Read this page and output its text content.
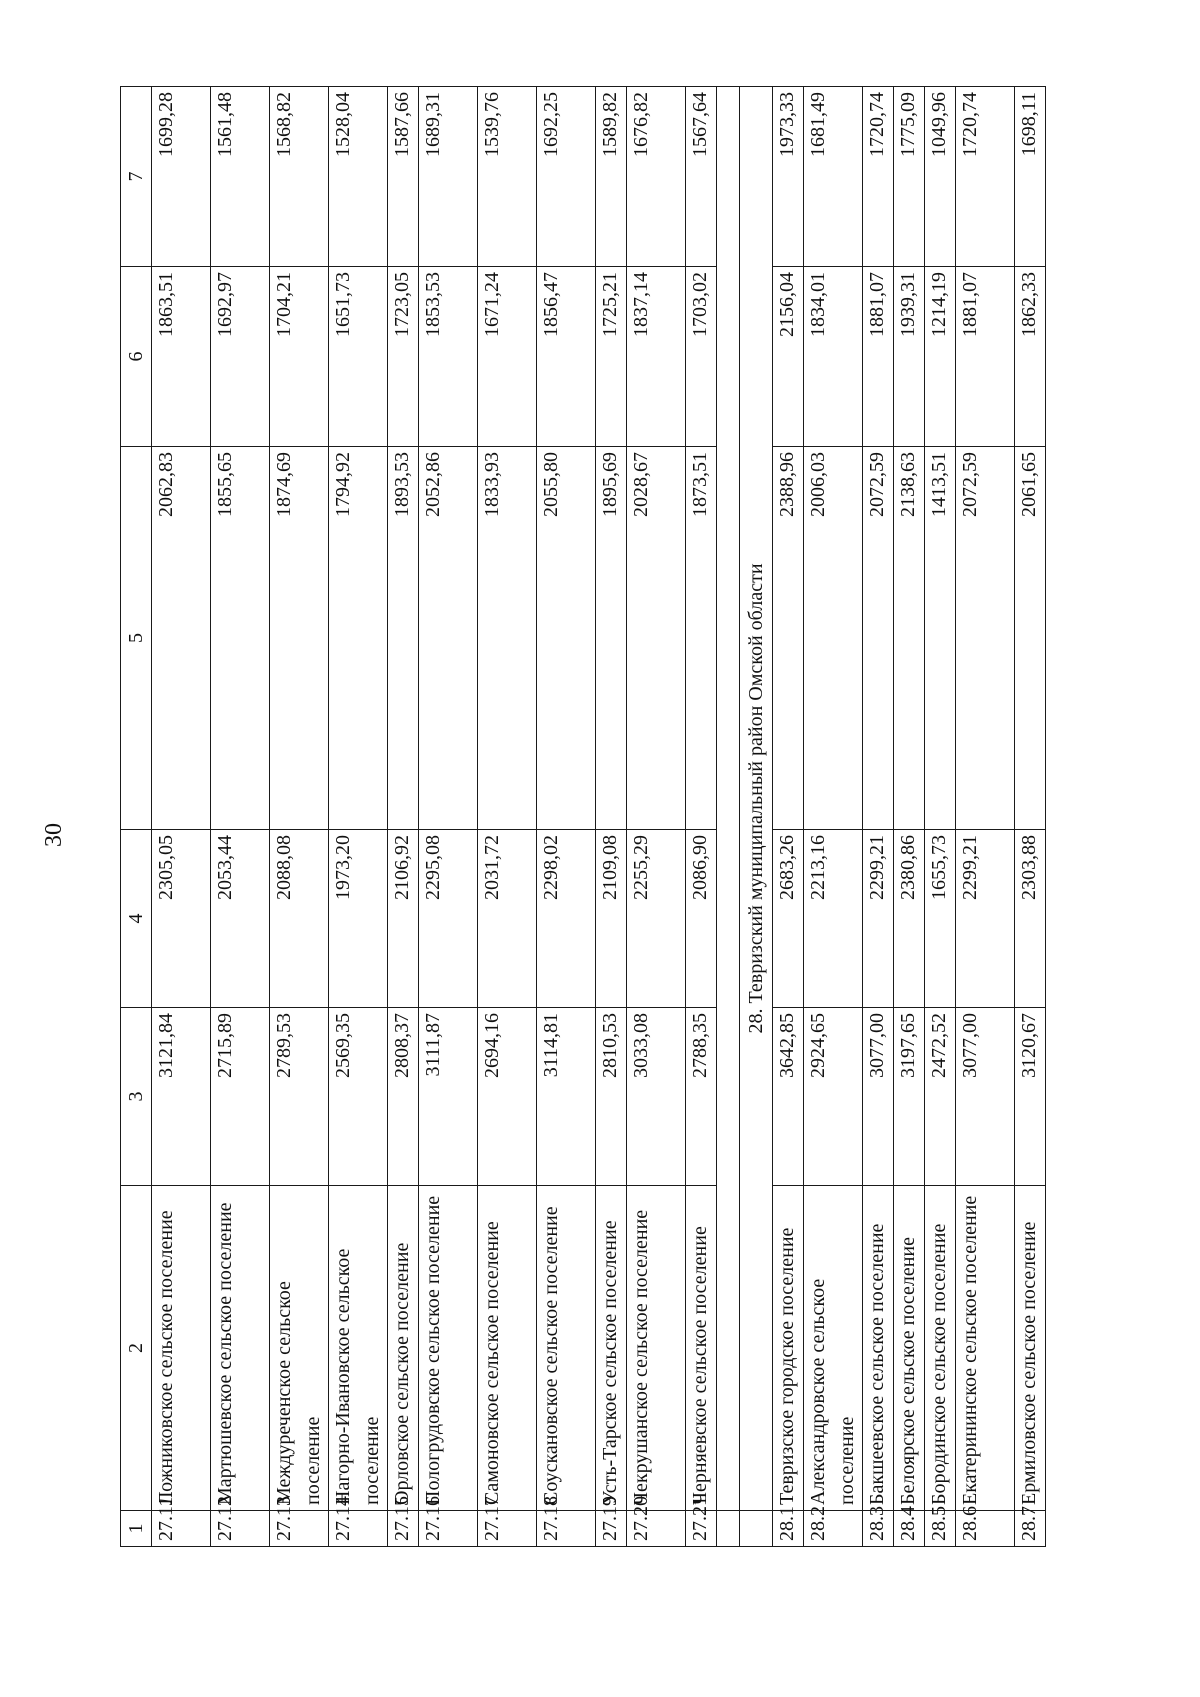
30
1	2	3	4	5	6	7
27.11	Ложниковское сельское поселение	3121,84	2305,05	2062,83	1863,51	1699,28
27.12	Мартюшевское сельское поселение	2715,89	2053,44	1855,65	1692,97	1561,48
27.13	Междуреченское сельское поселение	2789,53	2088,08	1874,69	1704,21	1568,82
27.14	Нагорно-Ивановское сельское поселение	2569,35	1973,20	1794,92	1651,73	1528,04
27.15	Орловское сельское поселение	2808,37	2106,92	1893,53	1723,05	1587,66
27.16	Пологрудовское сельское поселение	3111,87	2295,08	2052,86	1853,53	1689,31
27.17	Самоновское сельское поселение	2694,16	2031,72	1833,93	1671,24	1539,76
27.18	Соускановское сельское поселение	3114,81	2298,02	2055,80	1856,47	1692,25
27.19	Усть-Тарское сельское поселение	2810,53	2109,08	1895,69	1725,21	1589,82
27.20	Чекрушанское сельское поселение	3033,08	2255,29	2028,67	1837,14	1676,82
27.21	Черняевское сельское поселение	2788,35	2086,90	1873,51	1703,02	1567,64

	28. Тевризский муниципальный район Омской области					
28.1	Тевризское городское поселение	3642,85	2683,26	2388,96	2156,04	1973,33
28.2	Александровское сельское поселение	2924,65	2213,16	2006,03	1834,01	1681,49
28.3	Бакшеевское сельское поселение	3077,00	2299,21	2072,59	1881,07	1720,74
28.4	Белоярское сельское поселение	3197,65	2380,86	2138,63	1939,31	1775,09
28.5	Бородинское сельское поселение	2472,52	1655,73	1413,51	1214,19	1049,96
28.6	Екатерининское сельское поселение	3077,00	2299,21	2072,59	1881,07	1720,74
28.7	Ермиловское сельское поселение	3120,67	2303,88	2061,65	1862,33	1698,11
